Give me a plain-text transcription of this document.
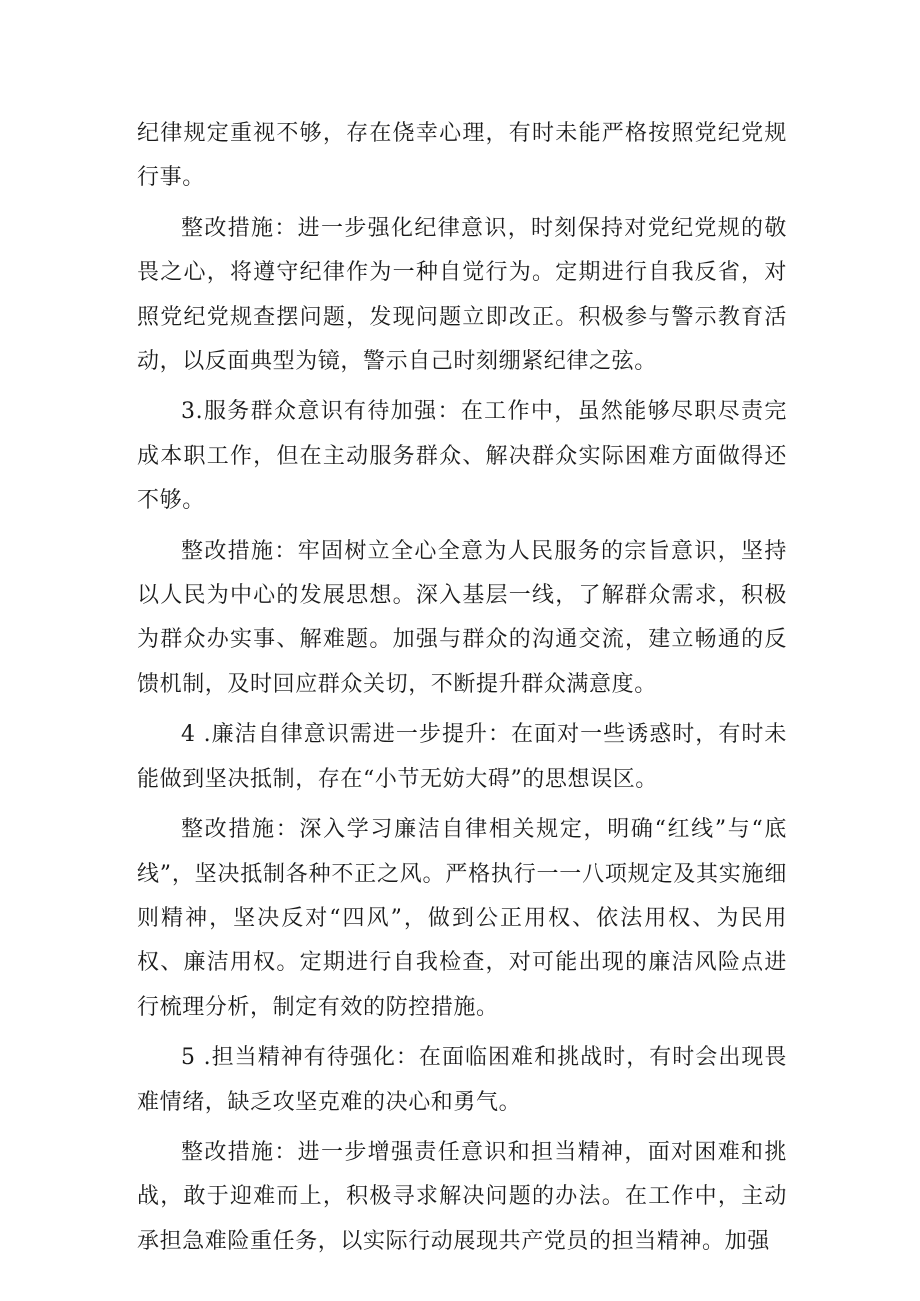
纪律规定重视不够，存在侥幸心理，有时未能严格按照党纪党规行事。

整改措施：进一步强化纪律意识，时刻保持对党纪党规的敬畏之心，将遵守纪律作为一种自觉行为。定期进行自我反省，对照党纪党规查摆问题，发现问题立即改正。积极参与警示教育活动，以反面典型为镜，警示自己时刻绷紧纪律之弦。

3.服务群众意识有待加强：在工作中，虽然能够尽职尽责完成本职工作，但在主动服务群众、解决群众实际困难方面做得还不够。

整改措施：牢固树立全心全意为人民服务的宗旨意识，坚持以人民为中心的发展思想。深入基层一线，了解群众需求，积极为群众办实事、解难题。加强与群众的沟通交流，建立畅通的反馈机制，及时回应群众关切，不断提升群众满意度。

4 .廉洁自律意识需进一步提升：在面对一些诱惑时，有时未能做到坚决抵制，存在“小节无妨大碍”的思想误区。

整改措施：深入学习廉洁自律相关规定，明确“红线”与“底线”，坚决抵制各种不正之风。严格执行一一八项规定及其实施细则精神，坚决反对“四风”，做到公正用权、依法用权、为民用权、廉洁用权。定期进行自我检查，对可能出现的廉洁风险点进行梳理分析，制定有效的防控措施。

5 .担当精神有待强化：在面临困难和挑战时，有时会出现畏难情绪，缺乏攻坚克难的决心和勇气。

整改措施：进一步增强责任意识和担当精神，面对困难和挑战，敢于迎难而上，积极寻求解决问题的办法。在工作中，主动承担急难险重任务，以实际行动展现共产党员的担当精神。加强
